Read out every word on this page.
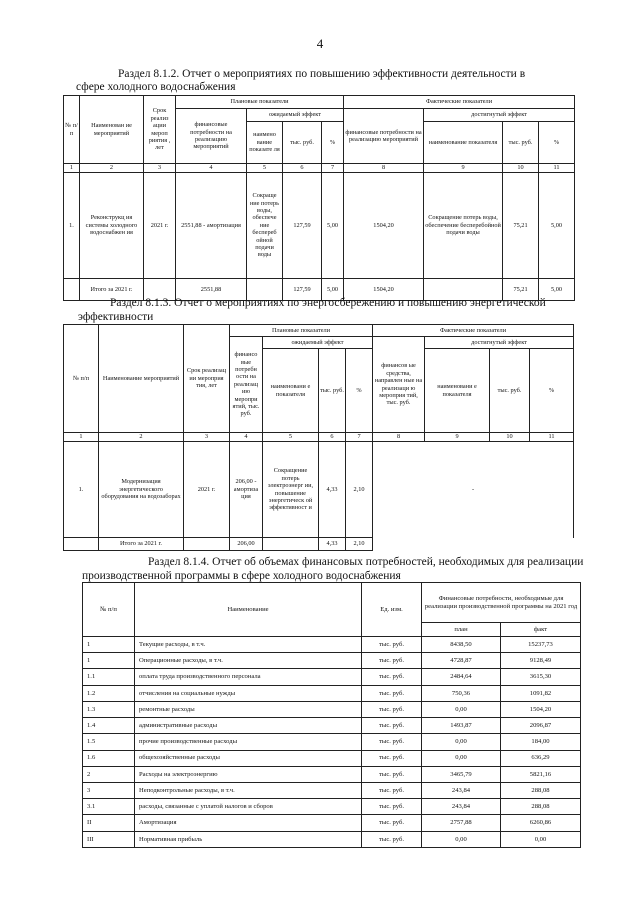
4
Раздел 8.1.2. Отчет о мероприятиях по повышению эффективности деятельности в
сфере холодного водоснабжения
№ п/ п	Наименован ие мероприятий	Срок реализ ации мероп риятия , лет	Плановые показатели				Фактические показатели			
			финансовые потребности на реализацию мероприятий	ожидаемый эффект			финансовые потребности на реализацию мероприятий	достигнутый эффект		
				наимено вание показате ля	тыс. руб.	%		наименование показателя	тыс. руб.	%
1	2	3	4	5	6	7	8	9	10	11
1.	Реконструкц ия системы холодного водоснабжен ия	2021 г.	2551,88 - амортизация	Сокраще ние потерь воды, обеспече ние беспереб ойной подачи воды	127,59	5,00	1504,20	Сокращение потерь воды, обеспечение бесперебойной подачи воды	75,21	5,00
	Итого за 2021 г.		2551,88		127,59	5,00	1504,20		75,21	5,00
Раздел 8.1.3. Отчет о мероприятиях по энергосбережению и повышению энергетической
эффективности
№ п/п	Наименование мероприятий	Срок реализац ии мероприя тия, лет	Плановые показатели				Фактические показатели			
			финансо вые потребн ости на реализац ию меропри ятий, тыс. руб.	ожидаемый эффект			финансов ые средства, направлен ные на реализаци ю мероприя тий, тыс. руб.	достигнутый эффект		
				наименовани е показателя	тыс. руб.	%		наименовани е показателя	тыс. руб.	%
1	2	3	4	5	6	7	8	9	10	11
1.	Модернизация энергетического оборудования на водозаборах	2021 г.	206,00 - амортиза ция	Сокращение потерь электроэнерг ии, повышение энергетическ ой эффективност и	4,33	2,10	-			
	Итого за 2021 г.		206,00		4,33	2,10				
Раздел 8.1.4. Отчет об объемах финансовых потребностей, необходимых для реализации
производственной программы в сфере холодного водоснабжения
№ п/п	Наименование	Ед. изм.	Финансовые потребности, необходимые для реализации производственной программы на 2021 год	
			план	факт
1	Текущие расходы, в т.ч.	тыс. руб.	8438,50	15237,73
1	Операционные расходы, в т.ч.	тыс. руб.	4728,87	9128,49
1.1	оплата труда производственного персонала	тыс. руб.	2484,64	3615,30
1.2	отчисления на социальные нужды	тыс. руб.	750,36	1091,82
1.3	ремонтные расходы	тыс. руб.	0,00	1504,20
1.4	административные расходы	тыс. руб.	1493,87	2096,87
1.5	прочие производственные расходы	тыс. руб.	0,00	184,00
1.6	общехозяйственные расходы	тыс. руб.	0,00	636,29
2	Расходы на электроэнергию	тыс. руб.	3465,79	5821,16
3	Неподконтрольные расходы, в т.ч.	тыс. руб.	243,84	288,08
3.1	расходы, связанные с уплатой налогов и сборов	тыс. руб.	243,84	288,08
II	Амортизация	тыс. руб.	2757,88	6260,86
III	Нормативная прибыль	тыс. руб.	0,00	0,00
